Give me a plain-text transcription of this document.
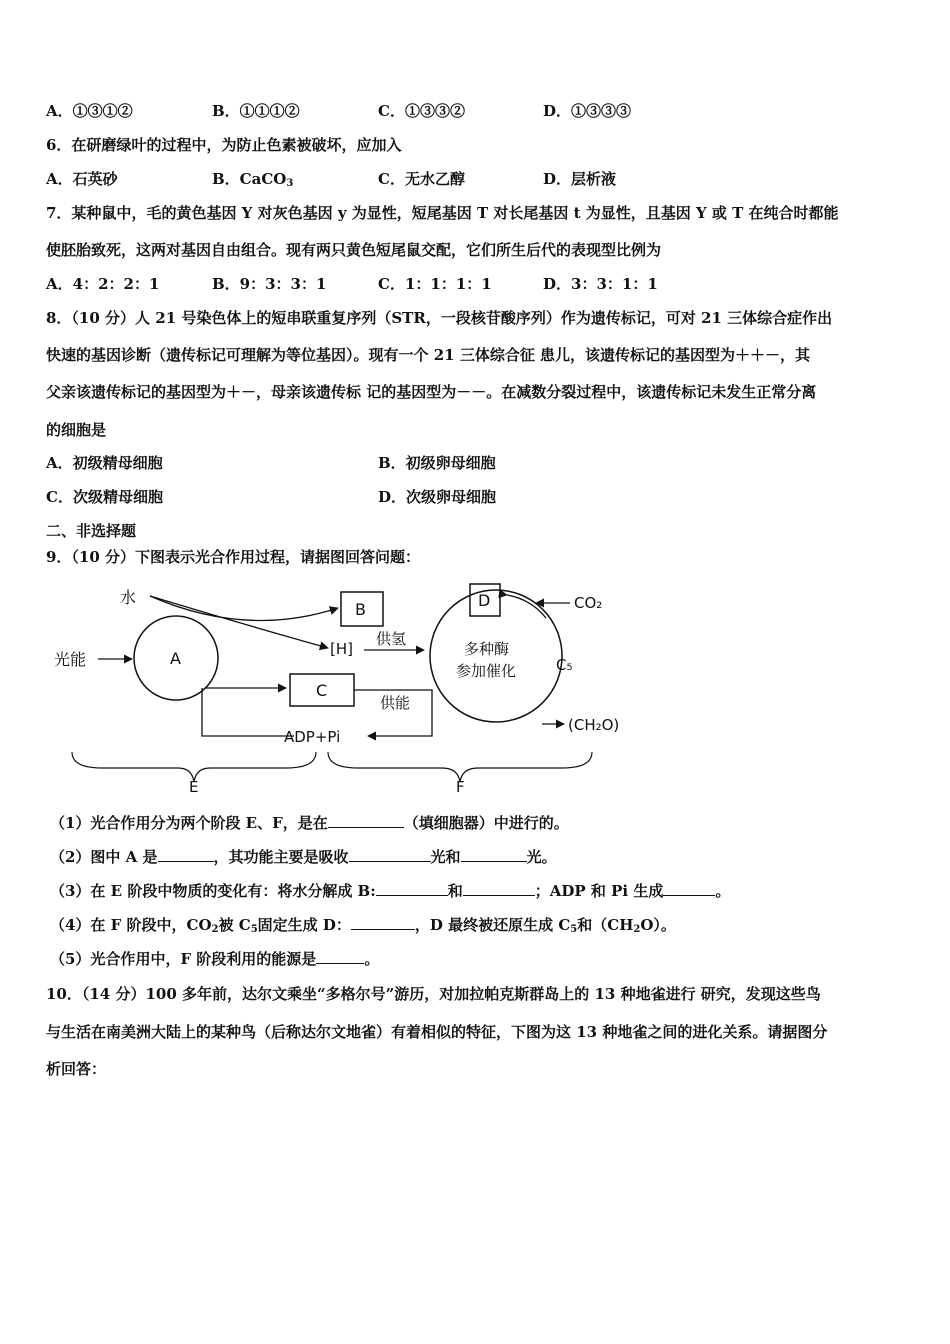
A．①③①②	B．①①①②	C．①③③②	D．①③③③
6．在研磨绿叶的过程中，为防止色素被破坏，应加入
A．石英砂	B．CaCO$_3$	C．无水乙醇	D．层析液
7．某种鼠中，毛的黄色基因 Y 对灰色基因 y 为显性，短尾基因 T 对长尾基因 t 为显性，且基因 Y 或 T 在纯合时都能
使胚胎致死，这两对基因自由组合。现有两只黄色短尾鼠交配，它们所生后代的表现型比例为
A．4：2：2：1	B．9：3：3：1	C．1：1：1：1	D．3：3：1：1
8．（10 分）人 21 号染色体上的短串联重复序列（STR，一段核苷酸序列）作为遗传标记，可对 21 三体综合症作出
快速的基因诊断（遗传标记可理解为等位基因）。现有一个 21 三体综合征 患儿，该遗传标记的基因型为＋＋－，其
父亲该遗传标记的基因型为＋－，母亲该遗传标 记的基因型为－－。在减数分裂过程中，该遗传标记未发生正常分离
的细胞是
A．初级精母细胞	B．初级卵母细胞
C．次级精母细胞	D．次级卵母细胞
二、非选择题
9．（10 分）下图表示光合作用过程，请据图回答问题：
水
光能	A
B
[H]
供氢
C
供能
ADP+Pi
多种酶
参加催化
D	CO₂
C₅
(CH₂O)
E	F
（1）光合作用分为两个阶段 E、F，是在	（填细胞器）中进行的。
（2）图中 A 是	，其功能主要是吸收	光和	光。
（3）在 E 阶段中物质的变化有：将水分解成 B:	和	；ADP 和 Pi 生成	。
（4）在 F 阶段中，$CO_2$被 $C_5$固定生成 D：	，D 最终被还原生成 $C_5$和$(CH_2O)$。
（5）光合作用中，F 阶段利用的能源是	。
10．（14 分）100 多年前，达尔文乘坐“多格尔号”游历，对加拉帕克斯群岛上的 13 种地雀进行 研究，发现这些鸟
与生活在南美洲大陆上的某种鸟（后称达尔文地雀）有着相似的特征，下图为这 13 种地雀之间的进化关系。请据图分
析回答：
